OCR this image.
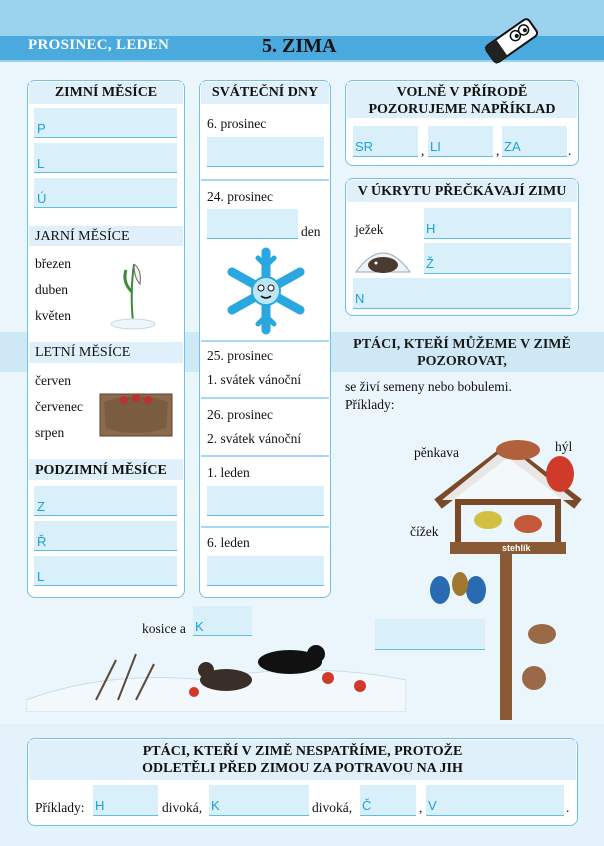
PROSINEC, LEDEN	5. ZIMA
ZIMNÍ MĚSÍCE
P
L
Ú
JARNÍ MĚSÍCE
březen
duben
květen
LETNÍ MĚSÍCE
červen
červenec
srpen
PODZIMNÍ MĚSÍCE
Z
Ř
L
SVÁTEČNÍ DNY
6. prosinec
24. prosinec
den
25. prosinec
1. svátek vánoční
26. prosinec
2. svátek vánoční
1. leden
6. leden
VOLNĚ V PŘÍRODĚ POZORUJEME NAPŘÍKLAD
SR	, LI	, ZA	.
V ÚKRYTU PŘEČKÁVAJÍ ZIMU
ježek	H
Ž
N
PTÁCI, KTEŘÍ MŮŽEME V ZIMĚ POZOROVAT,
se živí semeny nebo bobulemi.
Příklady:
pěnkava	hýl
čížek
stehlík
kosice a K
PTÁCI, KTEŘÍ V ZIMĚ NESPATŘÍME, PROTOŽE
ODLETĚLI PŘED ZIMOU ZA POTRAVOU NA JIH
Příklady: H	divoká, K	divoká, Č	, V	.
